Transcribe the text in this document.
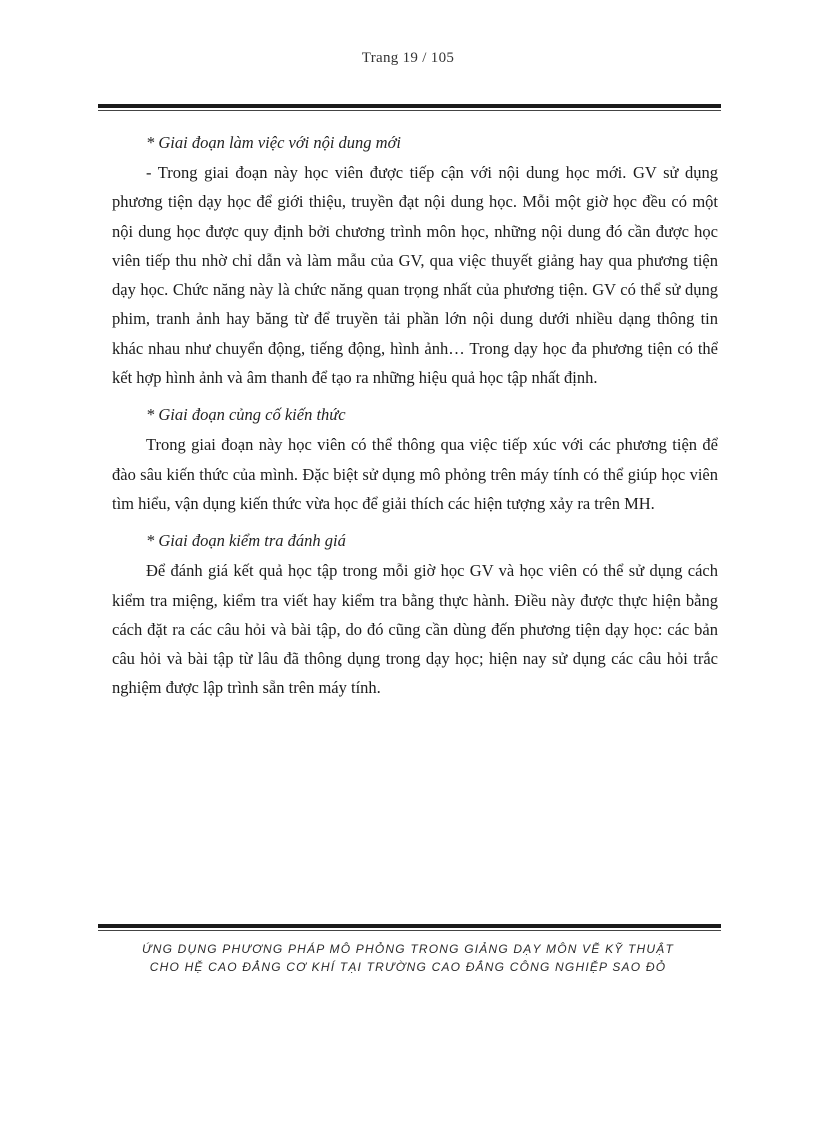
Trang 19 / 105

* Giai đoạn làm việc với nội dung mới

- Trong giai đoạn này học viên được tiếp cận với nội dung học mới. GV sử dụng phương tiện dạy học để giới thiệu, truyền đạt nội dung học. Mỗi một giờ học đều có một nội dung học được quy định bởi chương trình môn học, những nội dung đó cần được học viên tiếp thu nhờ chỉ dẫn và làm mẫu của GV, qua việc thuyết giảng hay qua phương tiện dạy học. Chức năng này là chức năng quan trọng nhất của phương tiện. GV có thể sử dụng phim, tranh ảnh hay băng từ để truyền tải phần lớn nội dung dưới nhiều dạng thông tin khác nhau như chuyển động, tiếng động, hình ảnh… Trong dạy học đa phương tiện có thể kết hợp hình ảnh và âm thanh để tạo ra những hiệu quả học tập nhất định.

* Giai đoạn củng cố kiến thức

Trong giai đoạn này học viên có thể thông qua việc tiếp xúc với các phương tiện để đào sâu kiến thức của mình. Đặc biệt sử dụng mô phỏng trên máy tính có thể giúp học viên tìm hiểu, vận dụng kiến thức vừa học để giải thích các hiện tượng xảy ra trên MH.

* Giai đoạn kiểm tra đánh giá

Để đánh giá kết quả học tập trong mỗi giờ học GV và học viên có thể sử dụng cách kiểm tra miệng, kiểm tra viết hay kiểm tra bằng thực hành. Điều này được thực hiện bằng cách đặt ra các câu hỏi và bài tập, do đó cũng cần dùng đến phương tiện dạy học: các bản câu hỏi và bài tập từ lâu đã thông dụng trong dạy học; hiện nay sử dụng các câu hỏi trắc nghiệm được lập trình sẵn trên máy tính.

ỨNG DỤNG PHƯƠNG PHÁP MÔ PHỎNG TRONG GIẢNG DẠY MÔN VẼ KỸ THUẬT
CHO HỆ CAO ĐẲNG CƠ KHÍ TẠI TRƯỜNG CAO ĐẲNG CÔNG NGHIỆP SAO ĐỎ
